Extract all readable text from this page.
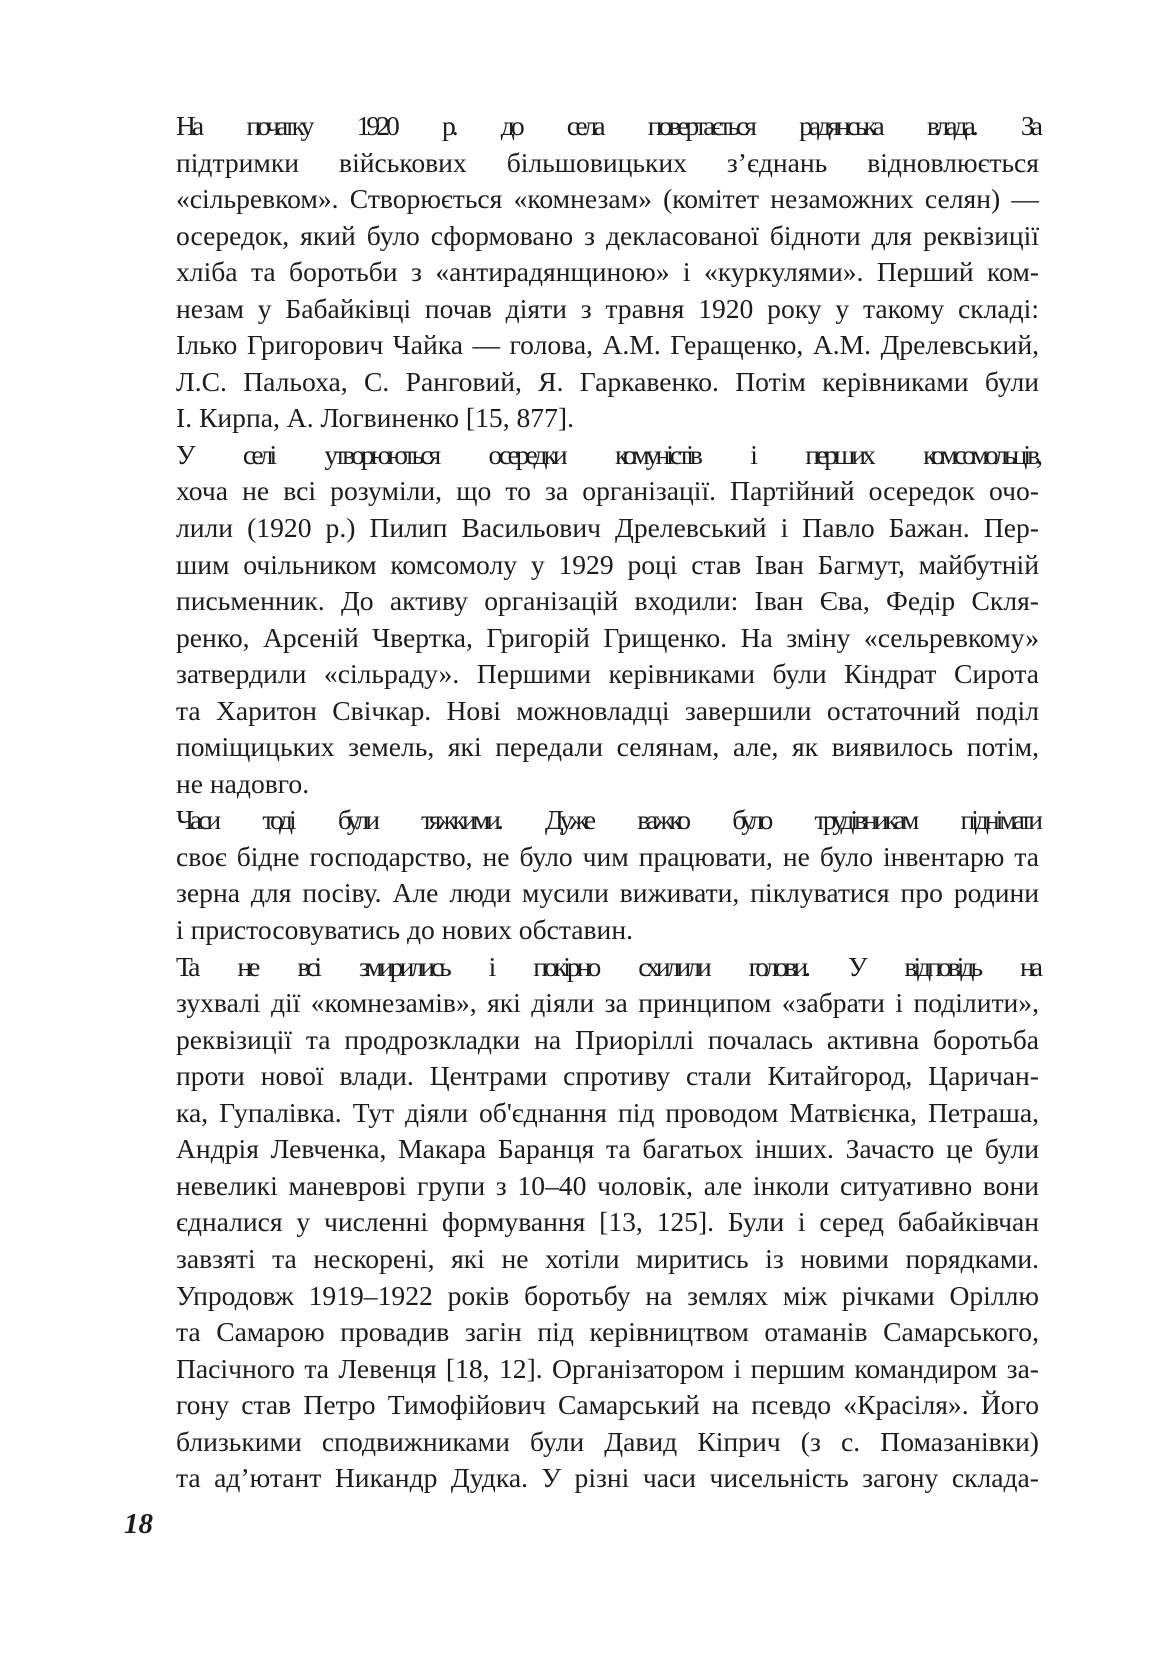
На початку 1920 р. до села повертається радянська влада. За
підтримки військових більшовицьких з’єднань відновлюється
«сільревком». Створюється «комнезам» (комітет незаможних селян) —
осередок, який було сформовано з декласованої бідноти для реквізиції
хліба та боротьби з «антирадянщиною» і «куркулями». Перший ком-
незам у Бабайківці почав діяти з травня 1920 року у такому складі:
Ілько Григорович Чайка — голова, А.М. Геращенко, А.М. Дрелевський,
Л.С. Пальоха, С. Ранговий, Я. Гаркавенко. Потім керівниками були
І. Кирпа, А. Логвиненко [15, 877].

У селі утворюються осередки комуністів і перших комсомольців,
хоча не всі розуміли, що то за організації. Партійний осередок очо-
лили (1920 р.) Пилип Васильович Дрелевський і Павло Бажан. Пер-
шим очільником комсомолу у 1929 році став Іван Багмут, майбутній
письменник. До активу організацій входили: Іван Єва, Федір Скля-
ренко, Арсеній Чвертка, Григорій Грищенко. На зміну «сельревкому»
затвердили «сільраду». Першими керівниками були Кіндрат Сирота
та Харитон Свічкар. Нові можновладці завершили остаточний поділ
поміщицьких земель, які передали селянам, але, як виявилось потім,
не надовго.

Часи тоді були тяжкими. Дуже важко було трудівникам піднімати
своє бідне господарство, не було чим працювати, не було інвентарю та
зерна для посіву. Але люди мусили виживати, піклуватися про родини
і пристосовуватись до нових обставин.

Та не всі змирились і покірно схилили голови. У відповідь на
зухвалі дії «комнезамів», які діяли за принципом «забрати і поділити»,
реквізиції та продрозкладки на Приоріллі почалась активна боротьба
проти нової влади. Центрами спротиву стали Китайгород, Царичан-
ка, Гупалівка. Тут діяли об'єднання під проводом Матвієнка, Петраша,
Андрія Левченка, Макара Баранця та багатьох інших. Зачасто це були
невеликі маневрові групи з 10–40 чоловік, але інколи ситуативно вони
єдналися у численні формування [13, 125]. Були і серед бабайківчан
завзяті та нескорені, які не хотіли миритись із новими порядками.
Упродовж 1919–1922 років боротьбу на землях між річками Оріллю
та Самарою провадив загін під керівництвом отаманів Самарського,
Пасічного та Левенця [18, 12]. Організатором і першим командиром за-
гону став Петро Тимофійович Самарський на псевдо «Красіля». Його
близькими сподвижниками були Давид Кіприч (з с. Помазанівки)
та ад’ютант Никандр Дудка. У різні часи чисельність загону склада-

18
